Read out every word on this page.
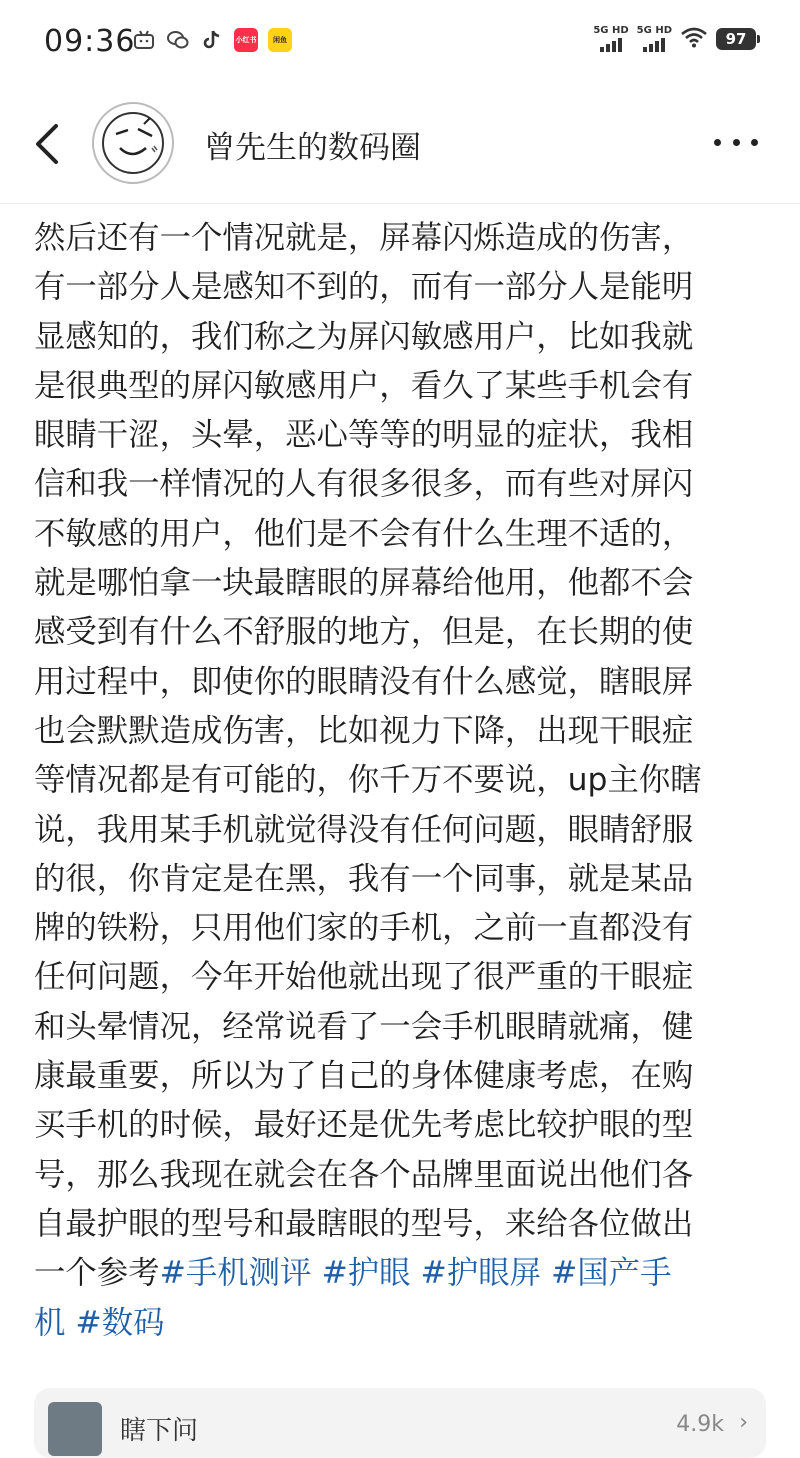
09:36	小红书	闲鱼
5G HD 5G HD	97
曾先生的数码圈
然后还有一个情况就是，屏幕闪烁造成的伤害，
有一部分人是感知不到的，而有一部分人是能明
显感知的，我们称之为屏闪敏感用户，比如我就
是很典型的屏闪敏感用户，看久了某些手机会有
眼睛干涩，头晕，恶心等等的明显的症状，我相
信和我一样情况的人有很多很多，而有些对屏闪
不敏感的用户，他们是不会有什么生理不适的，
就是哪怕拿一块最瞎眼的屏幕给他用，他都不会
感受到有什么不舒服的地方，但是，在长期的使
用过程中，即使你的眼睛没有什么感觉，瞎眼屏
也会默默造成伤害，比如视力下降，出现干眼症
等情况都是有可能的，你千万不要说，up主你瞎
说，我用某手机就觉得没有任何问题，眼睛舒服
的很，你肯定是在黑，我有一个同事，就是某品
牌的铁粉，只用他们家的手机，之前一直都没有
任何问题，今年开始他就出现了很严重的干眼症
和头晕情况，经常说看了一会手机眼睛就痛，健
康最重要，所以为了自己的身体健康考虑，在购
买手机的时候，最好还是优先考虑比较护眼的型
号，那么我现在就会在各个品牌里面说出他们各
自最护眼的型号和最瞎眼的型号，来给各位做出
一个参考#手机测评 #护眼 #护眼屏 #国产手
机 #数码
瞎下问	4.9k ›
